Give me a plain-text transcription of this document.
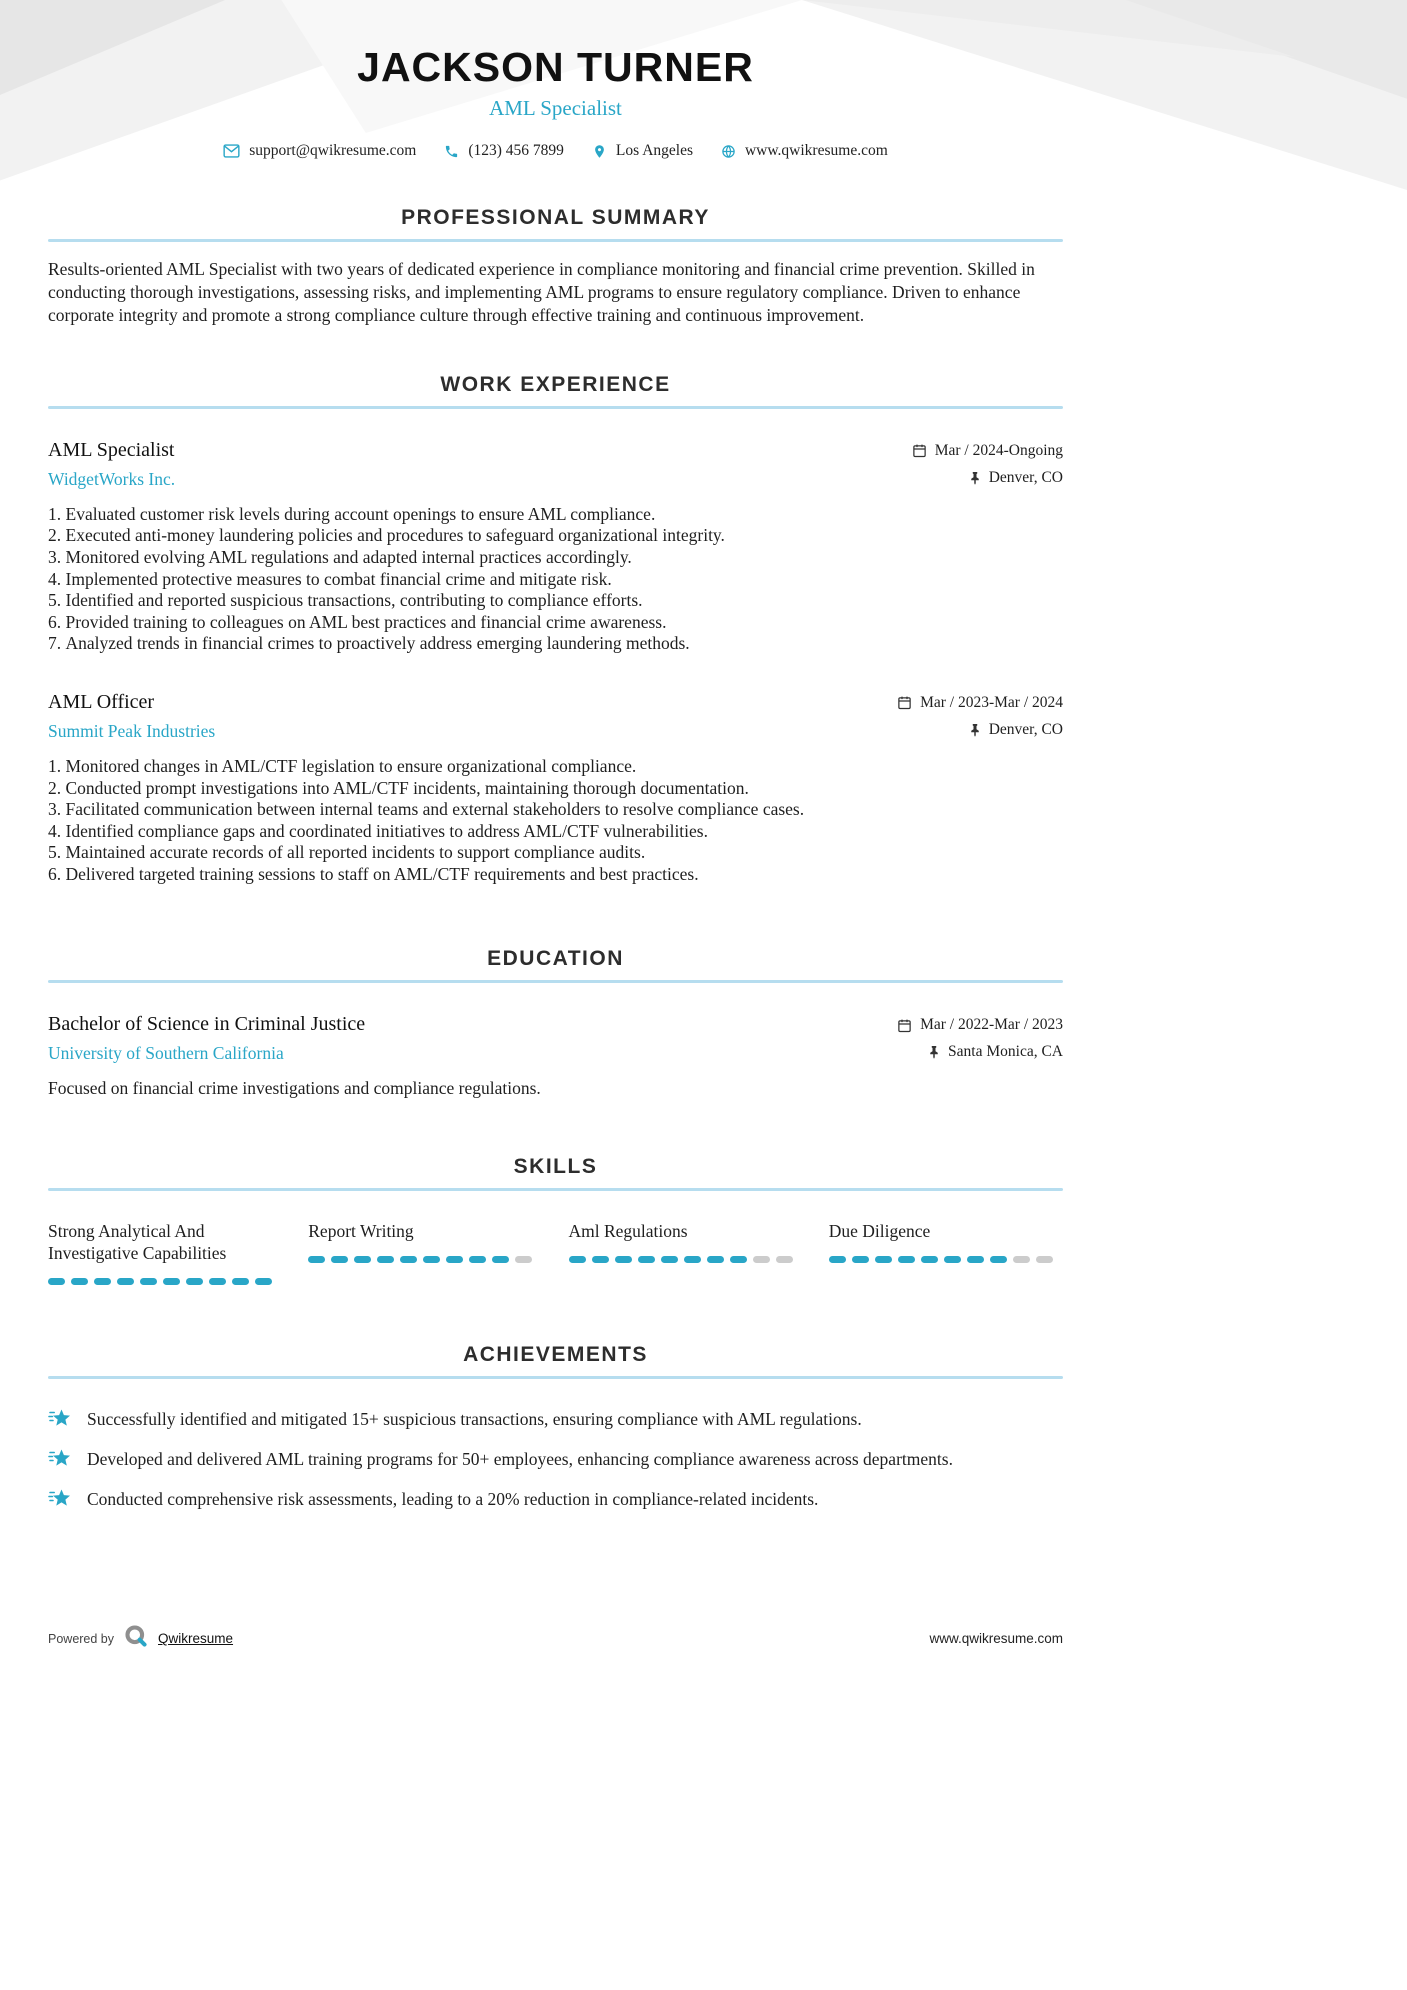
JACKSON TURNER
AML Specialist
support@qwikresume.com	(123) 456 7899	Los Angeles	www.qwikresume.com
PROFESSIONAL SUMMARY

Results-oriented AML Specialist with two years of dedicated experience in compliance monitoring and financial crime prevention. Skilled in conducting thorough investigations, assessing risks, and implementing AML programs to ensure regulatory compliance. Driven to enhance corporate integrity and promote a strong compliance culture through effective training and continuous improvement.

WORK EXPERIENCE
AML Specialist
WidgetWorks Inc.
Mar / 2024-Ongoing
Denver, CO
1. Evaluated customer risk levels during account openings to ensure AML compliance.
2. Executed anti-money laundering policies and procedures to safeguard organizational integrity.
3. Monitored evolving AML regulations and adapted internal practices accordingly.
4. Implemented protective measures to combat financial crime and mitigate risk.
5. Identified and reported suspicious transactions, contributing to compliance efforts.
6. Provided training to colleagues on AML best practices and financial crime awareness.
7. Analyzed trends in financial crimes to proactively address emerging laundering methods.
AML Officer
Summit Peak Industries
Mar / 2023-Mar / 2024
Denver, CO
1. Monitored changes in AML/CTF legislation to ensure organizational compliance.
2. Conducted prompt investigations into AML/CTF incidents, maintaining thorough documentation.
3. Facilitated communication between internal teams and external stakeholders to resolve compliance cases.
4. Identified compliance gaps and coordinated initiatives to address AML/CTF vulnerabilities.
5. Maintained accurate records of all reported incidents to support compliance audits.
6. Delivered targeted training sessions to staff on AML/CTF requirements and best practices.
EDUCATION
Bachelor of Science in Criminal Justice
University of Southern California
Mar / 2022-Mar / 2023
Santa Monica, CA

Focused on financial crime investigations and compliance regulations.

SKILLS
Strong Analytical And Investigative Capabilities
Report Writing	Aml Regulations	Due Diligence
ACHIEVEMENTS
Successfully identified and mitigated 15+ suspicious transactions, ensuring compliance with AML regulations.
Developed and delivered AML training programs for 50+ employees, enhancing compliance awareness across departments.
Conducted comprehensive risk assessments, leading to a 20% reduction in compliance-related incidents.
Powered by	Qwikresume	www.qwikresume.com
